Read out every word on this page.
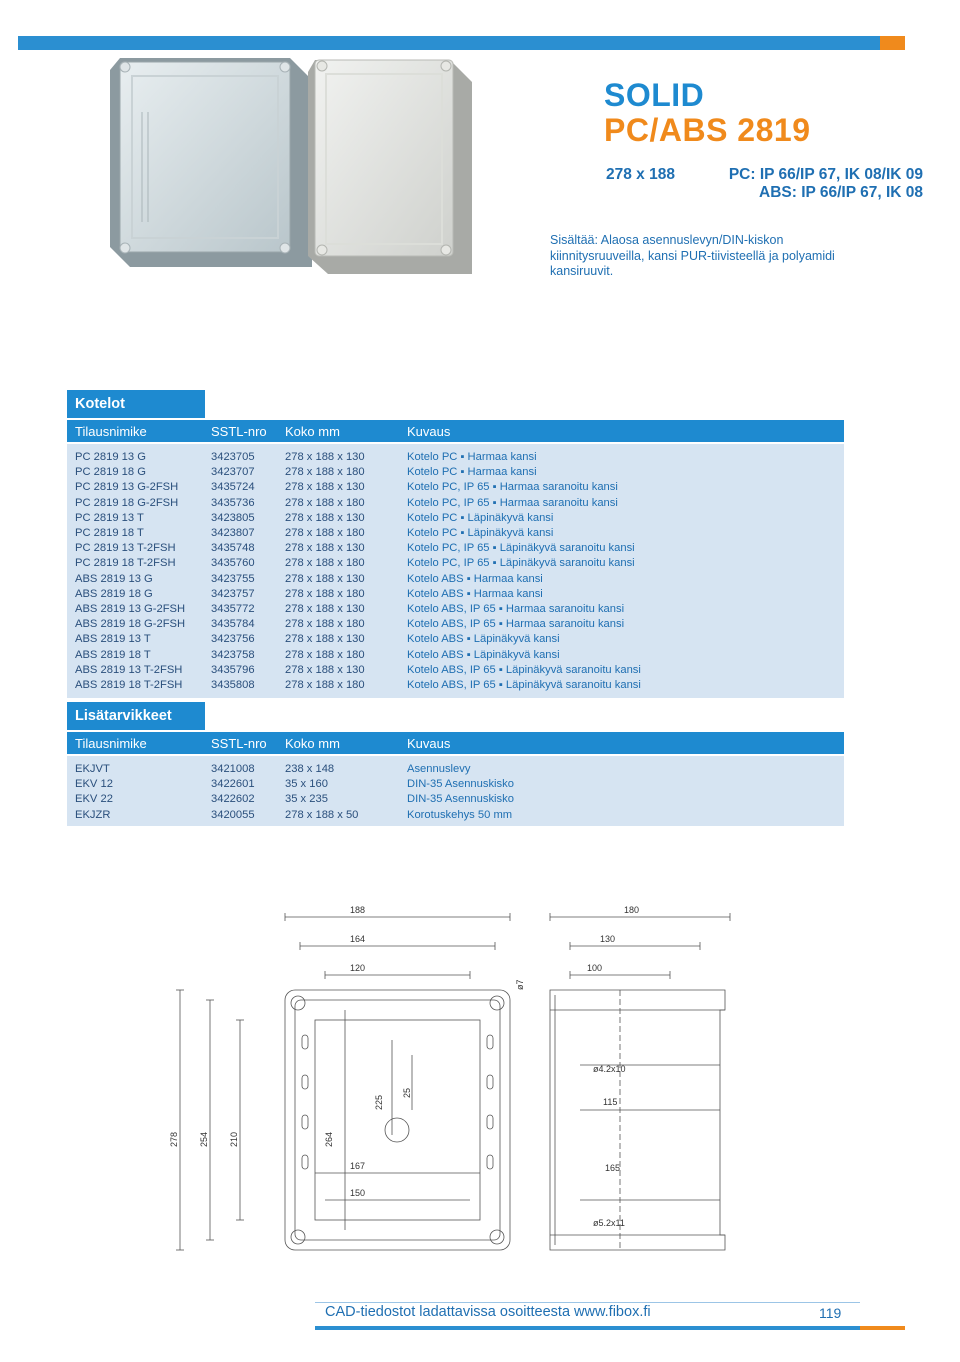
SOLID
PC/ABS 2819
278 x 188	PC: IP 66/IP 67, IK 08/IK 09
ABS: IP 66/IP 67, IK 08
Sisältää: Alaosa asennuslevyn/DIN-kiskon kiinnitysruuveilla, kansi PUR-tiivisteellä ja polyamidi kansiruuvit.
Kotelot
Tilausnimike	SSTL-nro Koko mm	Kuvaus
PC 2819 13 G	3423705	278 x 188 x 130	Kotelo PC ▪ Harmaa kansi
PC 2819 18 G	3423707	278 x 188 x 180	Kotelo PC ▪ Harmaa kansi
PC 2819 13 G-2FSH	3435724	278 x 188 x 130	Kotelo PC, IP 65 ▪ Harmaa saranoitu kansi
PC 2819 18 G-2FSH	3435736	278 x 188 x 180	Kotelo PC, IP 65 ▪ Harmaa saranoitu kansi
PC 2819 13 T	3423805	278 x 188 x 130	Kotelo PC ▪ Läpinäkyvä kansi
PC 2819 18 T	3423807	278 x 188 x 180	Kotelo PC ▪ Läpinäkyvä kansi
PC 2819 13 T-2FSH	3435748	278 x 188 x 130	Kotelo PC, IP 65 ▪ Läpinäkyvä saranoitu kansi
PC 2819 18 T-2FSH	3435760	278 x 188 x 180	Kotelo PC, IP 65 ▪ Läpinäkyvä saranoitu kansi
ABS 2819 13 G	3423755	278 x 188 x 130	Kotelo ABS ▪ Harmaa kansi
ABS 2819 18 G	3423757	278 x 188 x 180	Kotelo ABS ▪ Harmaa kansi
ABS 2819 13 G-2FSH 3435772	278 x 188 x 130	Kotelo ABS, IP 65 ▪ Harmaa saranoitu kansi
ABS 2819 18 G-2FSH 3435784	278 x 188 x 180	Kotelo ABS, IP 65 ▪ Harmaa saranoitu kansi
ABS 2819 13 T	3423756	278 x 188 x 130	Kotelo ABS ▪ Läpinäkyvä kansi
ABS 2819 18 T	3423758	278 x 188 x 180	Kotelo ABS ▪ Läpinäkyvä kansi
ABS 2819 13 T-2FSH	3435796	278 x 188 x 130	Kotelo ABS, IP 65 ▪ Läpinäkyvä saranoitu kansi
ABS 2819 18 T-2FSH	3435808	278 x 188 x 180	Kotelo ABS, IP 65 ▪ Läpinäkyvä saranoitu kansi
Lisätarvikkeet
Tilausnimike	SSTL-nro Koko mm	Kuvaus
EKJVT	3421008	238 x 148	Asennuslevy
EKV 12	3422601	35 x 160	DIN-35 Asennuskisko
EKV 22	3422602	35 x 235	DIN-35 Asennuskisko
EKJZR	3420055	278 x 188 x 50	Korotuskehys 50 mm
188
164
120
180
130
100
278 254 210	264
225
25
167
150
ø7
ø4.2x10
115
165
ø5.2x11
CAD-tiedostot ladattavissa osoitteesta www.fibox.fi	119
